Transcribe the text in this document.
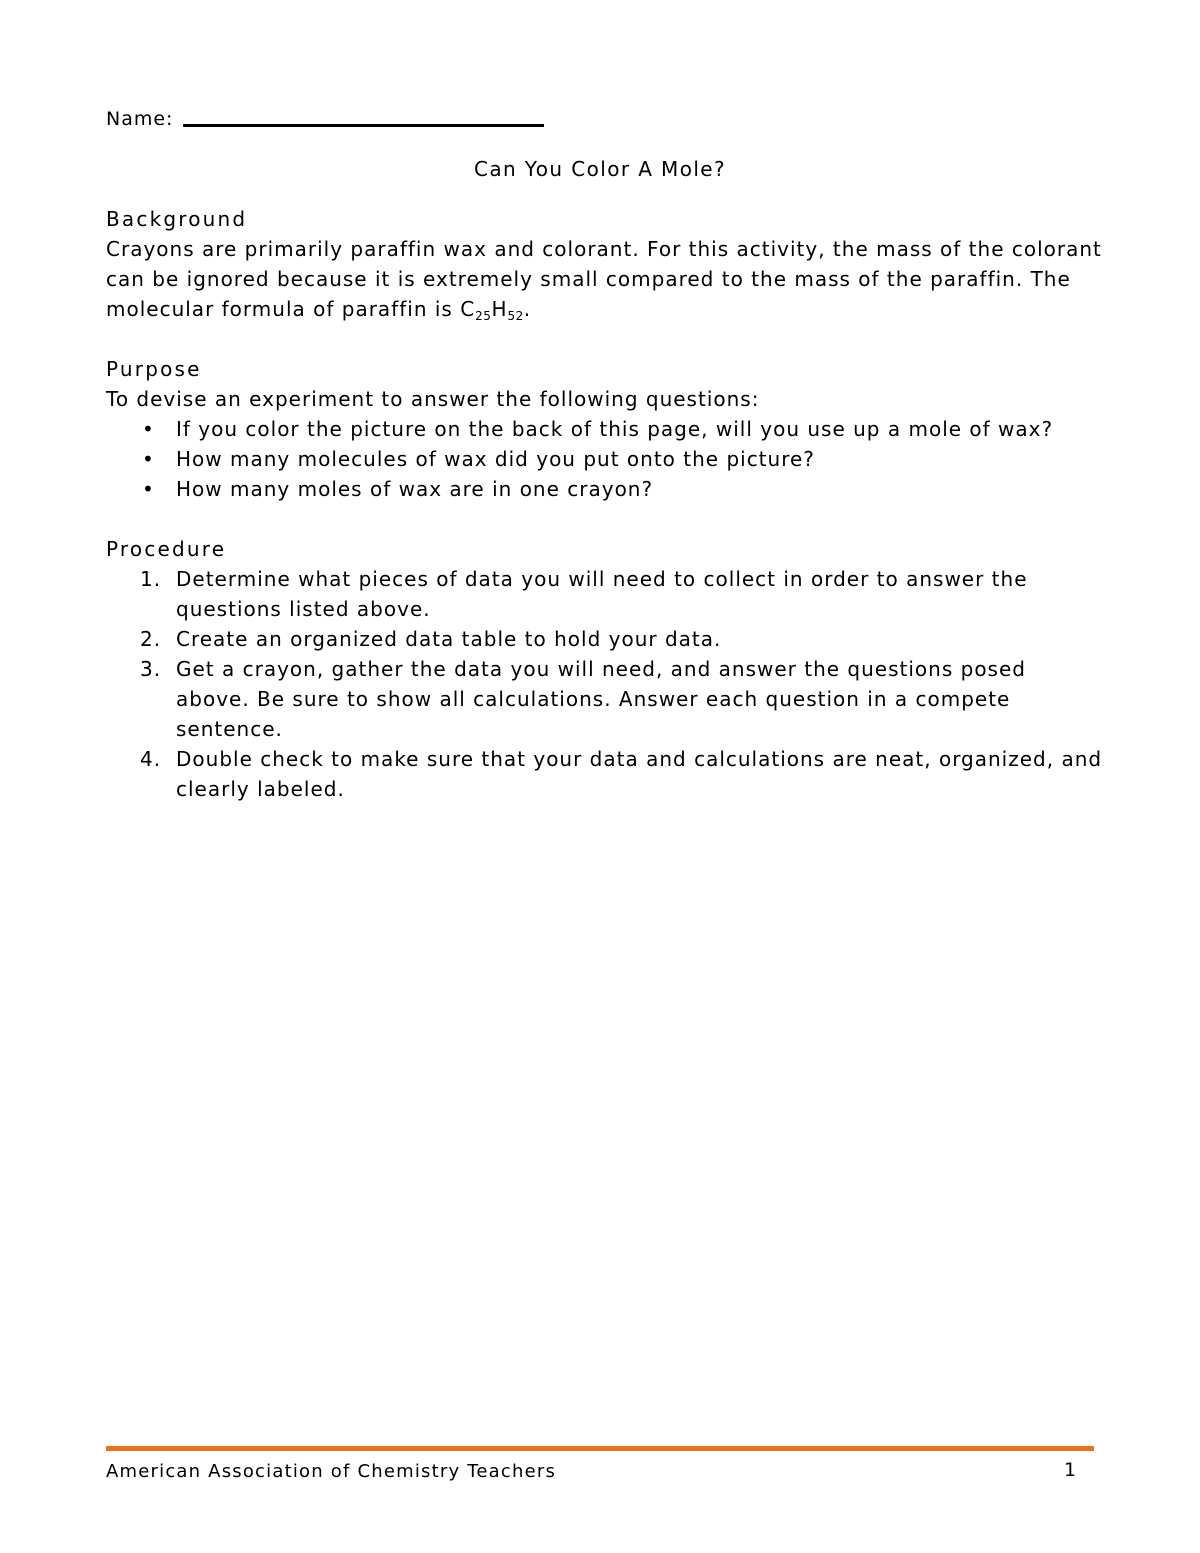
Name:
Can You Color A Mole?
Background

Crayons are primarily paraffin wax and colorant. For this activity, the mass of the colorant can be ignored because it is extremely small compared to the mass of the paraffin. The molecular formula of paraffin is $C_{25}H_{52}$.

Purpose
To devise an experiment to answer the following questions:
• If you color the picture on the back of this page, will you use up a mole of wax?
• How many molecules of wax did you put onto the picture?
• How many moles of wax are in one crayon?
Procedure
1. Determine what pieces of data you will need to collect in order to answer the questions listed above.
2. Create an organized data table to hold your data.
3. Get a crayon, gather the data you will need, and answer the questions posed above. Be sure to show all calculations. Answer each question in a compete sentence.
4. Double check to make sure that your data and calculations are neat, organized, and clearly labeled.
American Association of Chemistry Teachers	1
